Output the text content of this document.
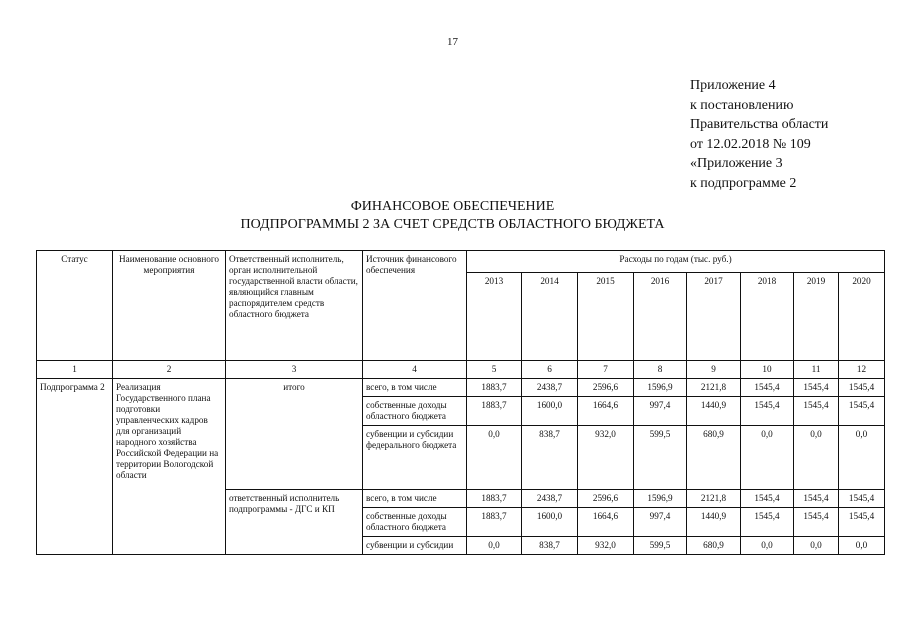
17
Приложение 4
к постановлению
Правительства области
от 12.02.2018 № 109
«Приложение 3
к подпрограмме 2
ФИНАНСОВОЕ ОБЕСПЕЧЕНИЕ
ПОДПРОГРАММЫ 2 ЗА СЧЕТ СРЕДСТВ ОБЛАСТНОГО БЮДЖЕТА
Статус	Наименование основного мероприятия	Ответственный исполнитель, орган исполнительной государственной власти области, являющийся главным распорядителем средств областного бюджета	Источник финансового обеспечения	Расходы по годам (тыс. руб.)							
				2013	2014	2015	2016	2017	2018	2019	2020
1	2	3	4	5	6	7	8	9	10	11	12
Подпрограмма 2	Реализация Государственного плана подготовки управленческих кадров для организаций народного хозяйства Российской Федерации на территории Вологодской области	итого	всего, в том числе	1883,7	2438,7	2596,6	1596,9	2121,8	1545,4	1545,4	1545,4
			собственные доходы областного бюджета	1883,7	1600,0	1664,6	997,4	1440,9	1545,4	1545,4	1545,4
			субвенции и субсидии федерального бюджета	0,0	838,7	932,0	599,5	680,9	0,0	0,0	0,0
		ответственный исполнитель подпрограммы - ДГС и КП	всего, в том числе	1883,7	2438,7	2596,6	1596,9	2121,8	1545,4	1545,4	1545,4
			собственные доходы областного бюджета	1883,7	1600,0	1664,6	997,4	1440,9	1545,4	1545,4	1545,4
			субвенции и субсидии	0,0	838,7	932,0	599,5	680,9	0,0	0,0	0,0
